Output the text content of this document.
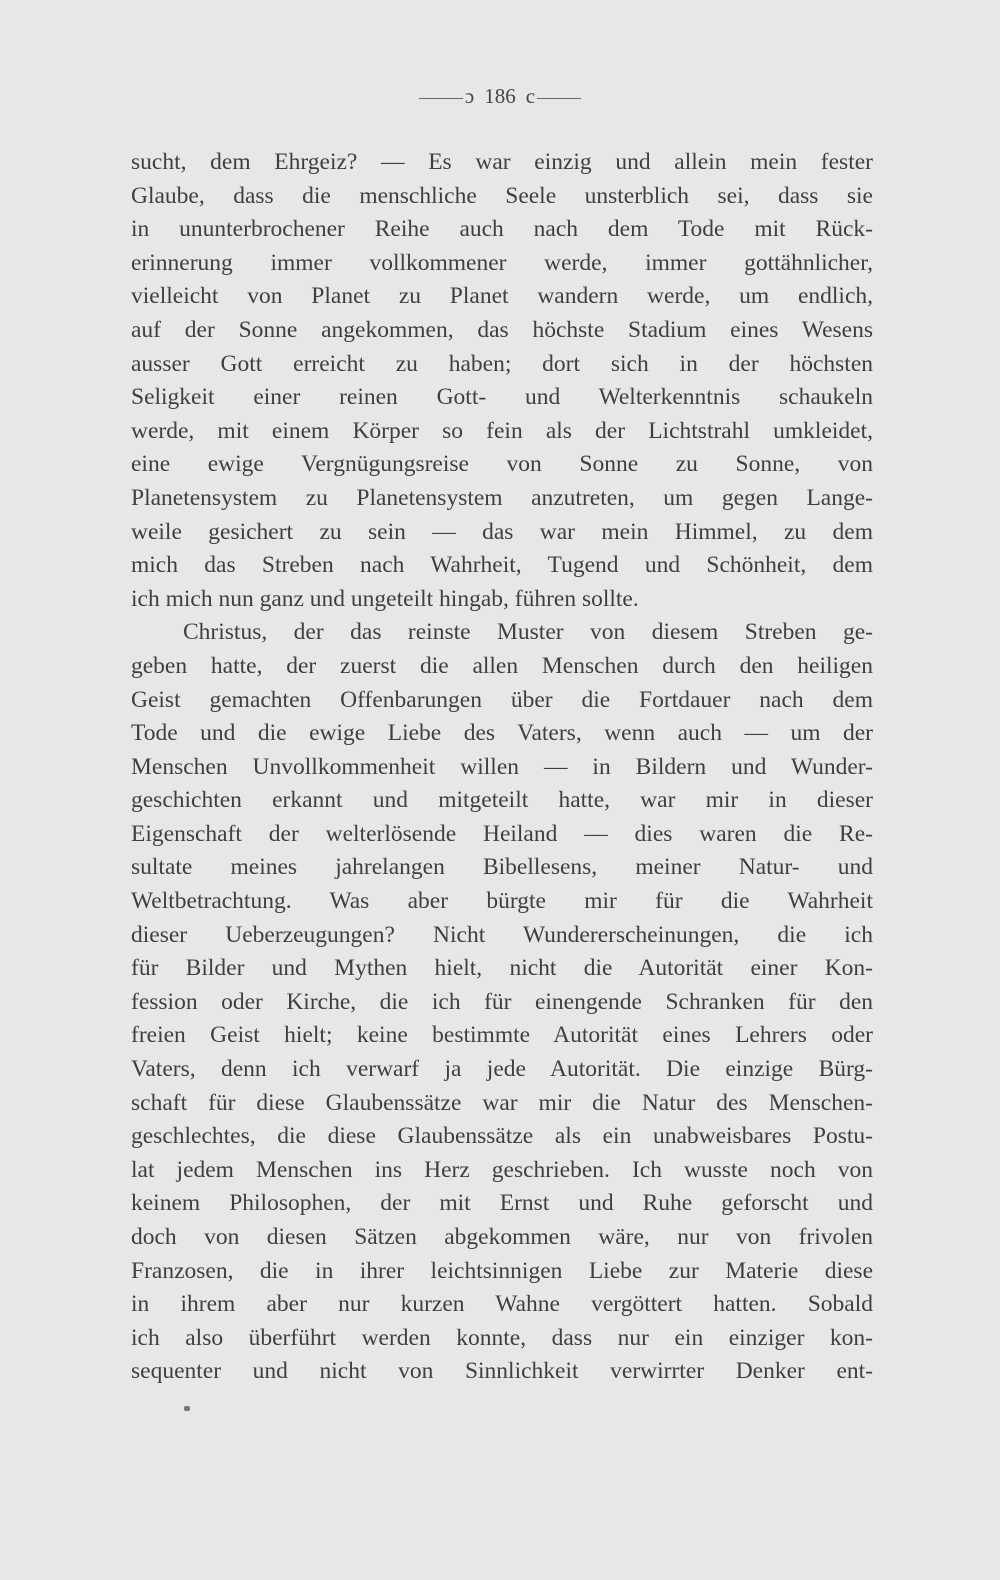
ɔ 186 c
sucht, dem Ehrgeiz? — Es war einzig und allein mein fester
Glaube, dass die menschliche Seele unsterblich sei, dass sie
in ununterbrochener Reihe auch nach dem Tode mit Rück-
erinnerung immer vollkommener werde, immer gottähnlicher,
vielleicht von Planet zu Planet wandern werde, um endlich,
auf der Sonne angekommen, das höchste Stadium eines Wesens
ausser Gott erreicht zu haben; dort sich in der höchsten
Seligkeit einer reinen Gott- und Welterkenntnis schaukeln
werde, mit einem Körper so fein als der Lichtstrahl umkleidet,
eine ewige Vergnügungsreise von Sonne zu Sonne, von
Planetensystem zu Planetensystem anzutreten, um gegen Lange-
weile gesichert zu sein — das war mein Himmel, zu dem
mich das Streben nach Wahrheit, Tugend und Schönheit, dem
ich mich nun ganz und ungeteilt hingab, führen sollte.
Christus, der das reinste Muster von diesem Streben ge-
geben hatte, der zuerst die allen Menschen durch den heiligen
Geist gemachten Offenbarungen über die Fortdauer nach dem
Tode und die ewige Liebe des Vaters, wenn auch — um der
Menschen Unvollkommenheit willen — in Bildern und Wunder-
geschichten erkannt und mitgeteilt hatte, war mir in dieser
Eigenschaft der welterlösende Heiland — dies waren die Re-
sultate meines jahrelangen Bibellesens, meiner Natur- und
Weltbetrachtung. Was aber bürgte mir für die Wahrheit
dieser Ueberzeugungen? Nicht Wundererscheinungen, die ich
für Bilder und Mythen hielt, nicht die Autorität einer Kon-
fession oder Kirche, die ich für einengende Schranken für den
freien Geist hielt; keine bestimmte Autorität eines Lehrers oder
Vaters, denn ich verwarf ja jede Autorität. Die einzige Bürg-
schaft für diese Glaubenssätze war mir die Natur des Menschen-
geschlechtes, die diese Glaubenssätze als ein unabweisbares Postu-
lat jedem Menschen ins Herz geschrieben. Ich wusste noch von
keinem Philosophen, der mit Ernst und Ruhe geforscht und
doch von diesen Sätzen abgekommen wäre, nur von frivolen
Franzosen, die in ihrer leichtsinnigen Liebe zur Materie diese
in ihrem aber nur kurzen Wahne vergöttert hatten. Sobald
ich also überführt werden konnte, dass nur ein einziger kon-
sequenter und nicht von Sinnlichkeit verwirrter Denker ent-
